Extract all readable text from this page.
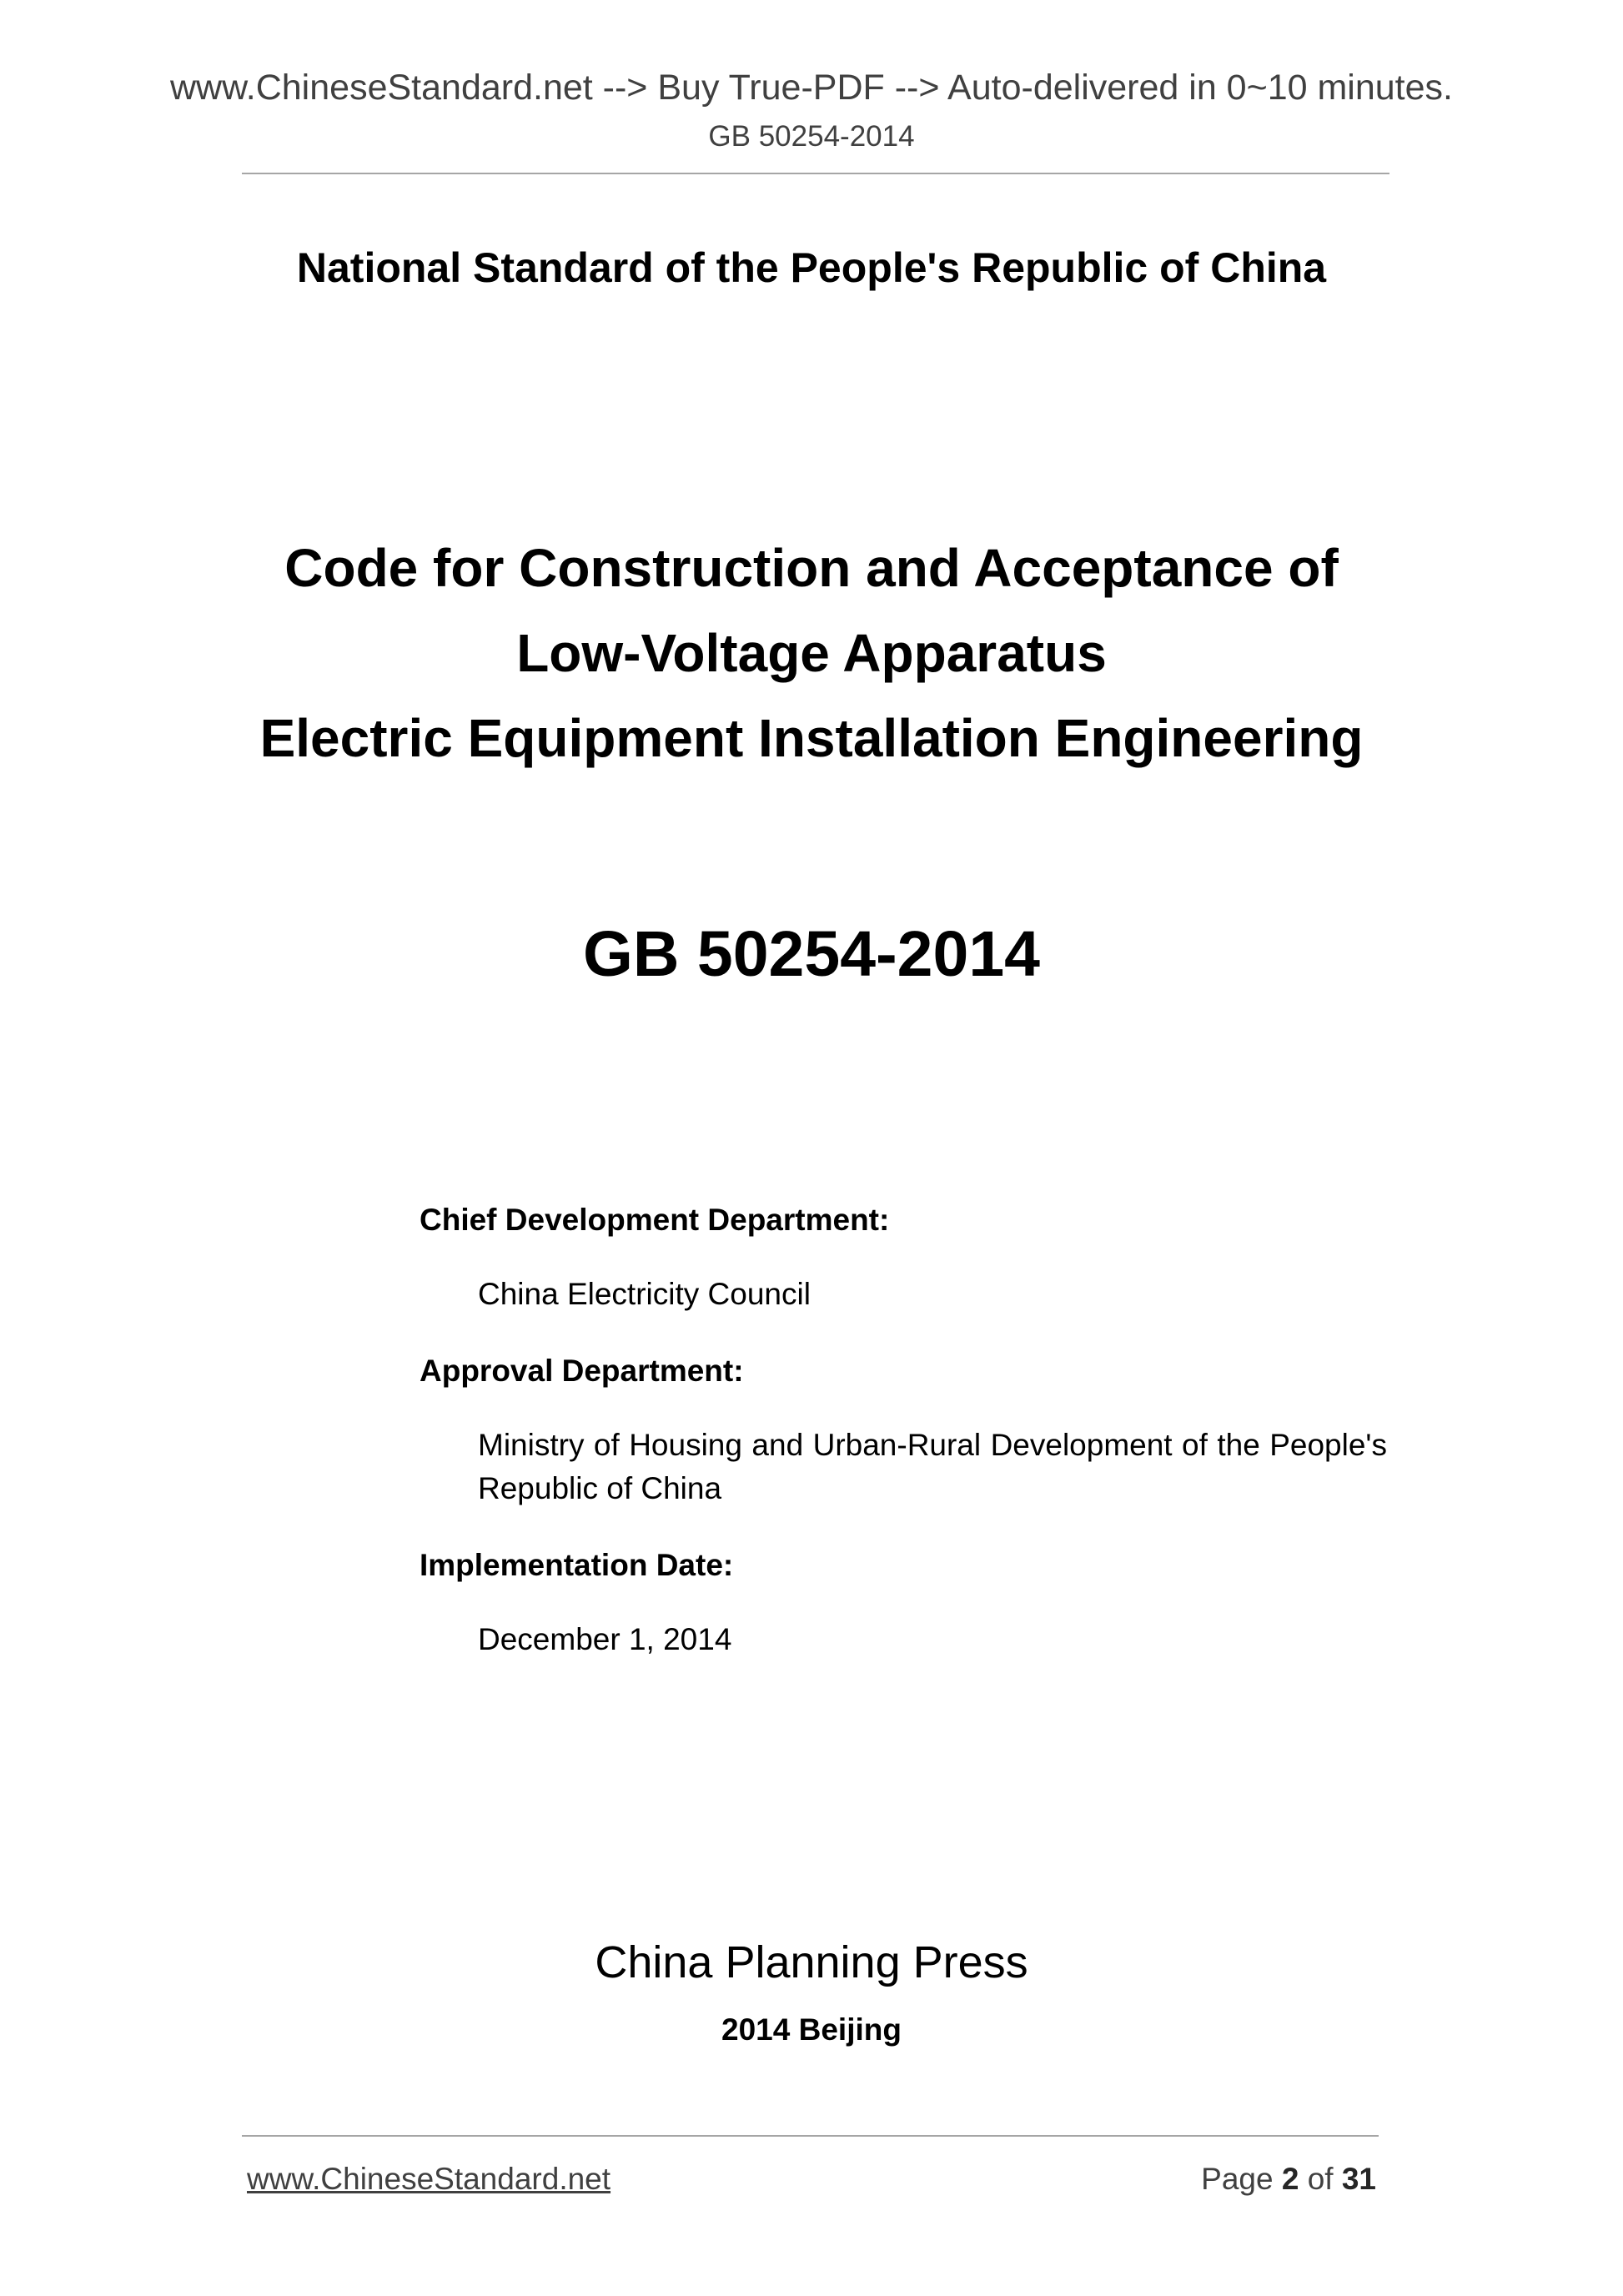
www.ChineseStandard.net --> Buy True-PDF --> Auto-delivered in 0~10 minutes.
GB 50254-2014
National Standard of the People's Republic of China
Code for Construction and Acceptance of
Low-Voltage Apparatus
Electric Equipment Installation Engineering
GB 50254-2014

Chief Development Department:

China Electricity Council

Approval Department:

Ministry of Housing and Urban-Rural Development of the People's Republic of China

Implementation Date:

December 1, 2014

China Planning Press
2014 Beijing
www.ChineseStandard.net	Page 2 of 31
